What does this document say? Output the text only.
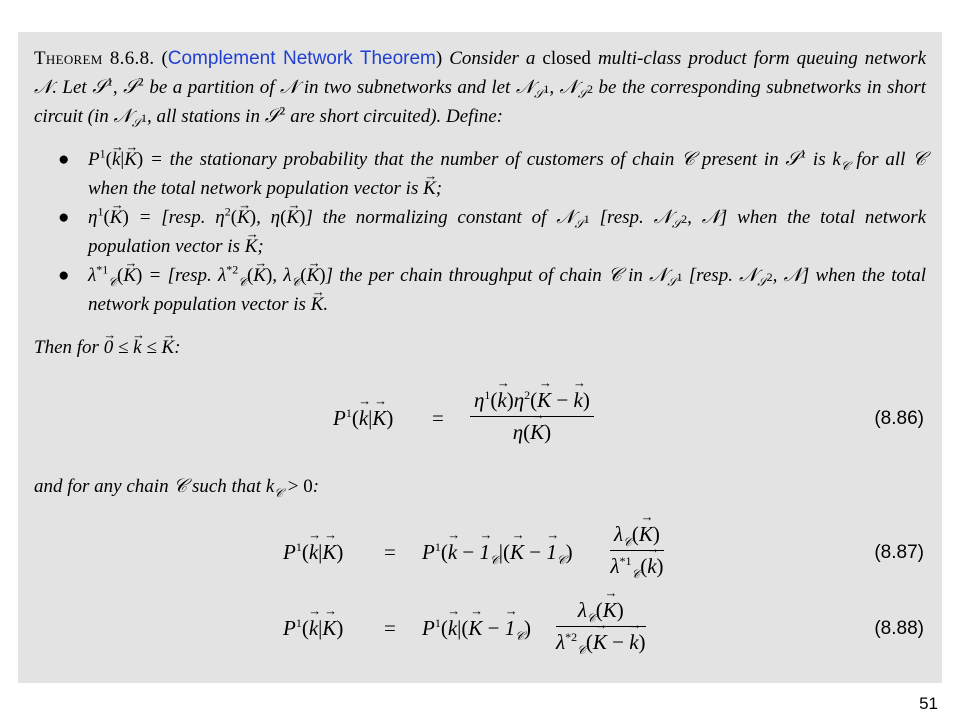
Theorem 8.6.8. (Complement Network Theorem) Consider a closed multi-class product form queuing network 𝒩. Let 𝒮$^1$, 𝒮$^2$ be a partition of 𝒩 in two subnetworks and let 𝒩$_{𝒮^1}$, 𝒩$_{𝒮^2}$ be the corresponding subnetworks in short circuit (in 𝒩$_{𝒮^1}$, all stations in 𝒮$^2$ are short circuited). Define:

● $P^1(\to k|\to K)$ = the stationary probability that the number of customers of chain 𝒞 present in 𝒮$^1$ is $k_𝒞$ for all 𝒞 when the total network population vector is → K;
● $\eta^1(\to K)$ = [resp. $\eta^2(\to K)$, η(→ K)] the normalizing constant of 𝒩$_{𝒮^1}$ [resp. 𝒩$_{𝒮^2}$, 𝒩] when the total network population vector is → K;
● $\lambda^{*1}_𝒞(\to K)$ = [resp. $\lambda^{*2}_𝒞(\to K)$, $\lambda_𝒞(\to K)$] the per chain throughput of chain 𝒞 in 𝒩$_{𝒮^1}$ [resp. 𝒩$_{𝒮^2}$, 𝒩] when the total network population vector is → K.

Then for → 0 ≤ → k ≤ → K:

$P^1(\to k|\to K) = \frac{\eta^1(\to k)\eta^2(\to K - \to k)}{\eta(\to K)}$	(8.86)

and for any chain 𝒞 such that $k_𝒞 > 0$:

$P^1(\to k|\to K) = P^1(\to k$ − → $1_𝒞|(\to K$ − → $1_𝒞$)
$\lambda_𝒞(\to K)$
$\lambda^{*1}_𝒞(\to k)$
(8.87)
$P^1(\to k|\to K) = P^1(\to k|(\to K$ − → $1_𝒞$)
$\lambda_𝒞(\to K)$
$\lambda^{*2}_𝒞(\to K$ − → k)
(8.88)
51
